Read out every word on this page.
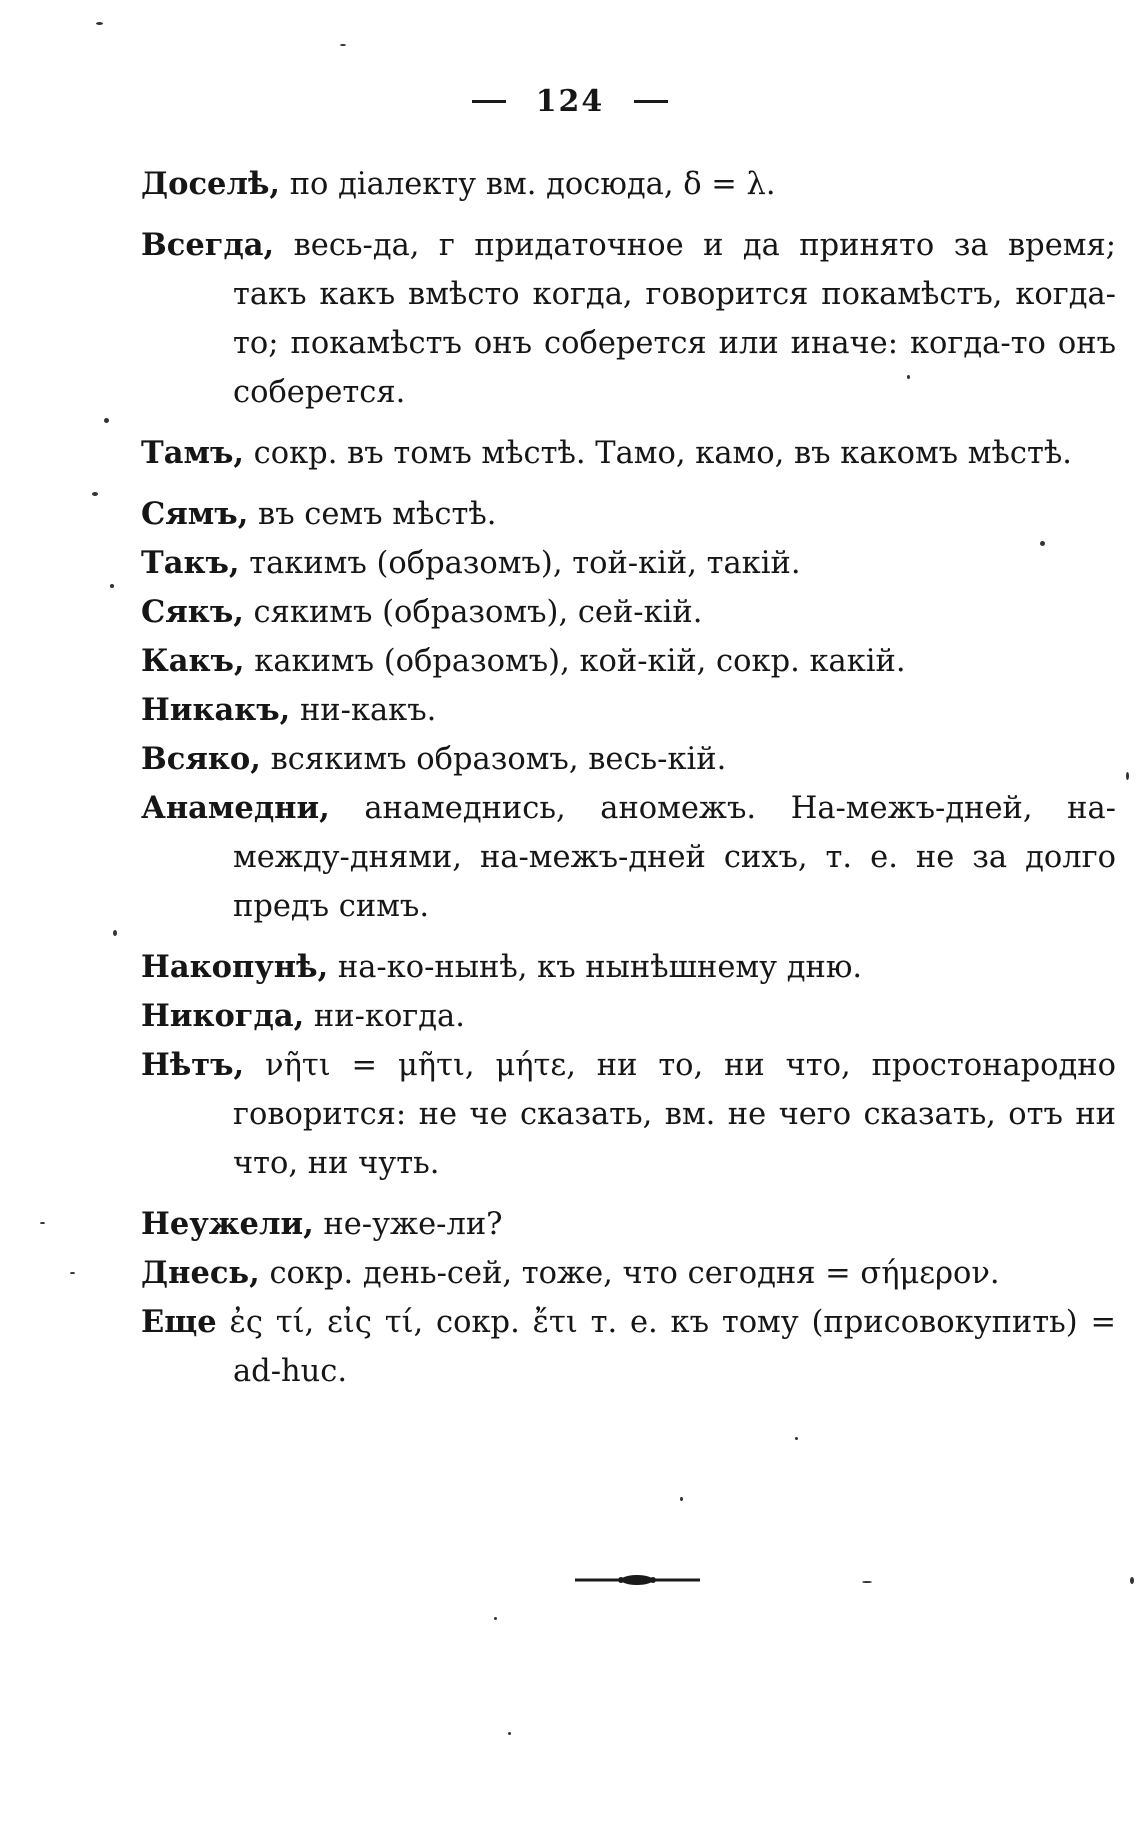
124

Доселѣ, по діалекту вм. досюда, δ = λ.

Всегда, весь-да, г придаточное и да принято за время; такъ какъ вмѣсто когда, говорится покамѣстъ, когда-то; покамѣстъ онъ соберется или иначе: когда-то онъ соберется.

Тамъ, сокр. въ томъ мѣстѣ. Тамо, камо, въ какомъ мѣстѣ.

Сямъ, въ семъ мѣстѣ.

Такъ, такимъ (образомъ), той-кій, такій.

Сякъ, сякимъ (образомъ), сей-кій.

Какъ, какимъ (образомъ), кой-кій, сокр. какій.

Никакъ, ни-какъ.

Всяко, всякимъ образомъ, весь-кій.

Анамедни, анамеднись, аномежъ. На-межъ-дней, на-между-днями, на-межъ-дней сихъ, т. е. не за долго предъ симъ.

Накопунѣ, на-ко-нынѣ, къ нынѣшнему дню.

Никогда, ни-когда.

Нѣтъ, νῆτι = μῆτι, μήτε, ни то, ни что, простонародно говорится: не че сказать, вм. не чего сказать, отъ ни что, ни чуть.

Неужели, не-уже-ли?

Днесь, сокр. день-сей, тоже, что сегодня = σήμερον.

Еще ἐς τί, εἰς τί, сокр. ἔτι т. е. къ тому (присовокупить) = ad-huc.
